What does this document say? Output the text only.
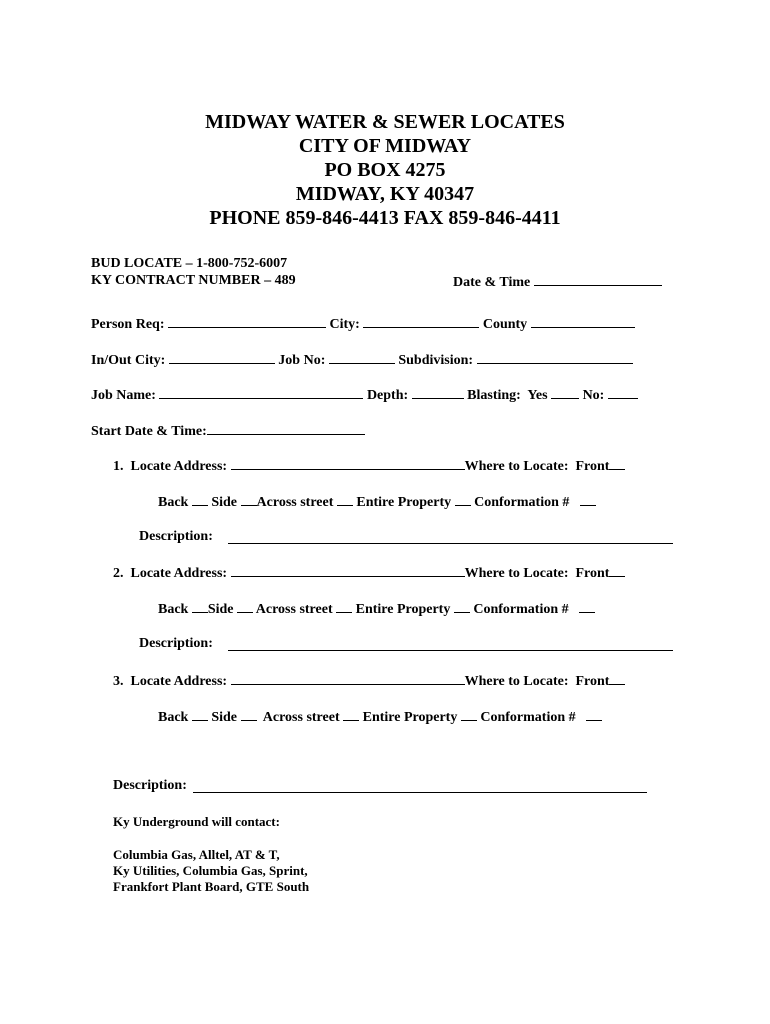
MIDWAY WATER & SEWER LOCATES
CITY OF MIDWAY
PO BOX 4275
MIDWAY, KY 40347
PHONE 859-846-4413 FAX 859-846-4411
BUD LOCATE – 1-800-752-6007
KY CONTRACT NUMBER – 489	Date & Time
Person Req:	City:	County
In/Out City:	Job No:	Subdivision:
Job Name:	Depth:	Blasting:  Yes	No:
Start Date & Time:
1.  Locate Address:	Where to Locate:  Front
Back Side Across street Entire Property Conformation #
Description:
2.  Locate Address:	Where to Locate:  Front
Back Side Across street Entire Property Conformation #
Description:
3.  Locate Address:	Where to Locate:  Front
Back Side Across street Entire Property Conformation #
Description:
Ky Underground will contact:
Columbia Gas, Alltel, AT & T,
Ky Utilities, Columbia Gas, Sprint,
Frankfort Plant Board, GTE South
